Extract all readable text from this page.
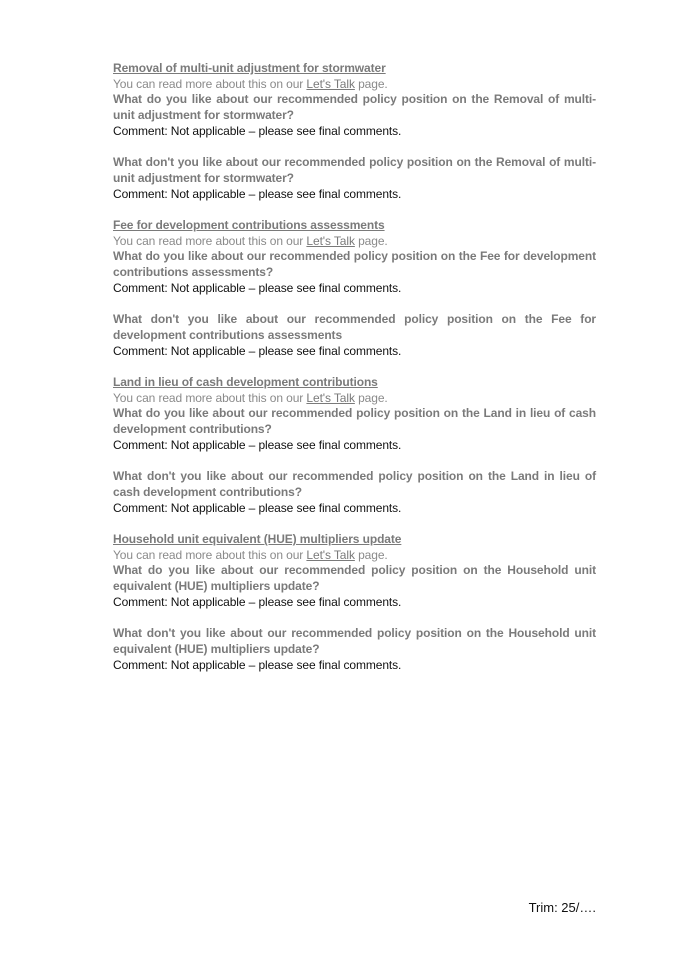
Removal of multi-unit adjustment for stormwater
You can read more about this on our Let's Talk page.
What do you like about our recommended policy position on the Removal of multi-unit adjustment for stormwater?
Comment: Not applicable – please see final comments.
What don't you like about our recommended policy position on the Removal of multi-unit adjustment for stormwater?
Comment: Not applicable – please see final comments.
Fee for development contributions assessments
You can read more about this on our Let's Talk page.
What do you like about our recommended policy position on the Fee for development contributions assessments?
Comment: Not applicable – please see final comments.
What don't you like about our recommended policy position on the Fee for development contributions assessments
Comment: Not applicable – please see final comments.
Land in lieu of cash development contributions
You can read more about this on our Let's Talk page.
What do you like about our recommended policy position on the Land in lieu of cash development contributions?
Comment: Not applicable – please see final comments.
What don't you like about our recommended policy position on the Land in lieu of cash development contributions?
Comment: Not applicable – please see final comments.
Household unit equivalent (HUE) multipliers update
You can read more about this on our Let's Talk page.
What do you like about our recommended policy position on the Household unit equivalent (HUE) multipliers update?
Comment: Not applicable – please see final comments.
What don't you like about our recommended policy position on the Household unit equivalent (HUE) multipliers update?
Comment: Not applicable – please see final comments.
Trim: 25/….
